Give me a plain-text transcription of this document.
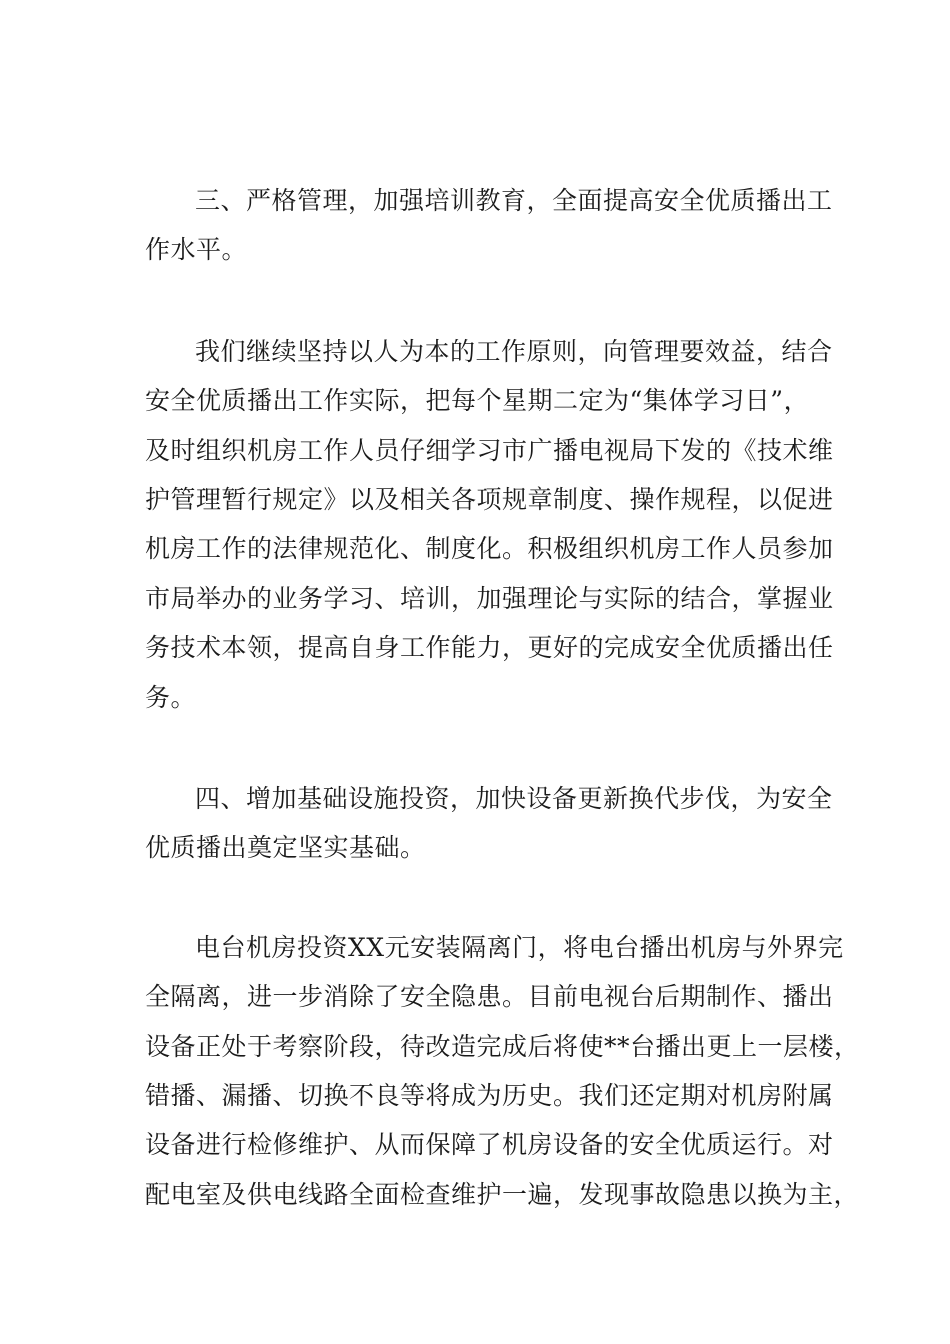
三、严格管理，加强培训教育，全面提高安全优质播出工
作水平。
我们继续坚持以人为本的工作原则，向管理要效益，结合
安全优质播出工作实际，把每个星期二定为“集体学习日”，
及时组织机房工作人员仔细学习市广播电视局下发的《技术维
护管理暂行规定》以及相关各项规章制度、操作规程，以促进
机房工作的法律规范化、制度化。积极组织机房工作人员参加
市局举办的业务学习、培训，加强理论与实际的结合，掌握业
务技术本领，提高自身工作能力，更好的完成安全优质播出任
务。
四、增加基础设施投资，加快设备更新换代步伐，为安全
优质播出奠定坚实基础。
电台机房投资XX元安装隔离门，将电台播出机房与外界完
全隔离，进一步消除了安全隐患。目前电视台后期制作、播出
设备正处于考察阶段，待改造完成后将使**台播出更上一层楼，
错播、漏播、切换不良等将成为历史。我们还定期对机房附属
设备进行检修维护、从而保障了机房设备的安全优质运行。对
配电室及供电线路全面检查维护一遍，发现事故隐患以换为主，
